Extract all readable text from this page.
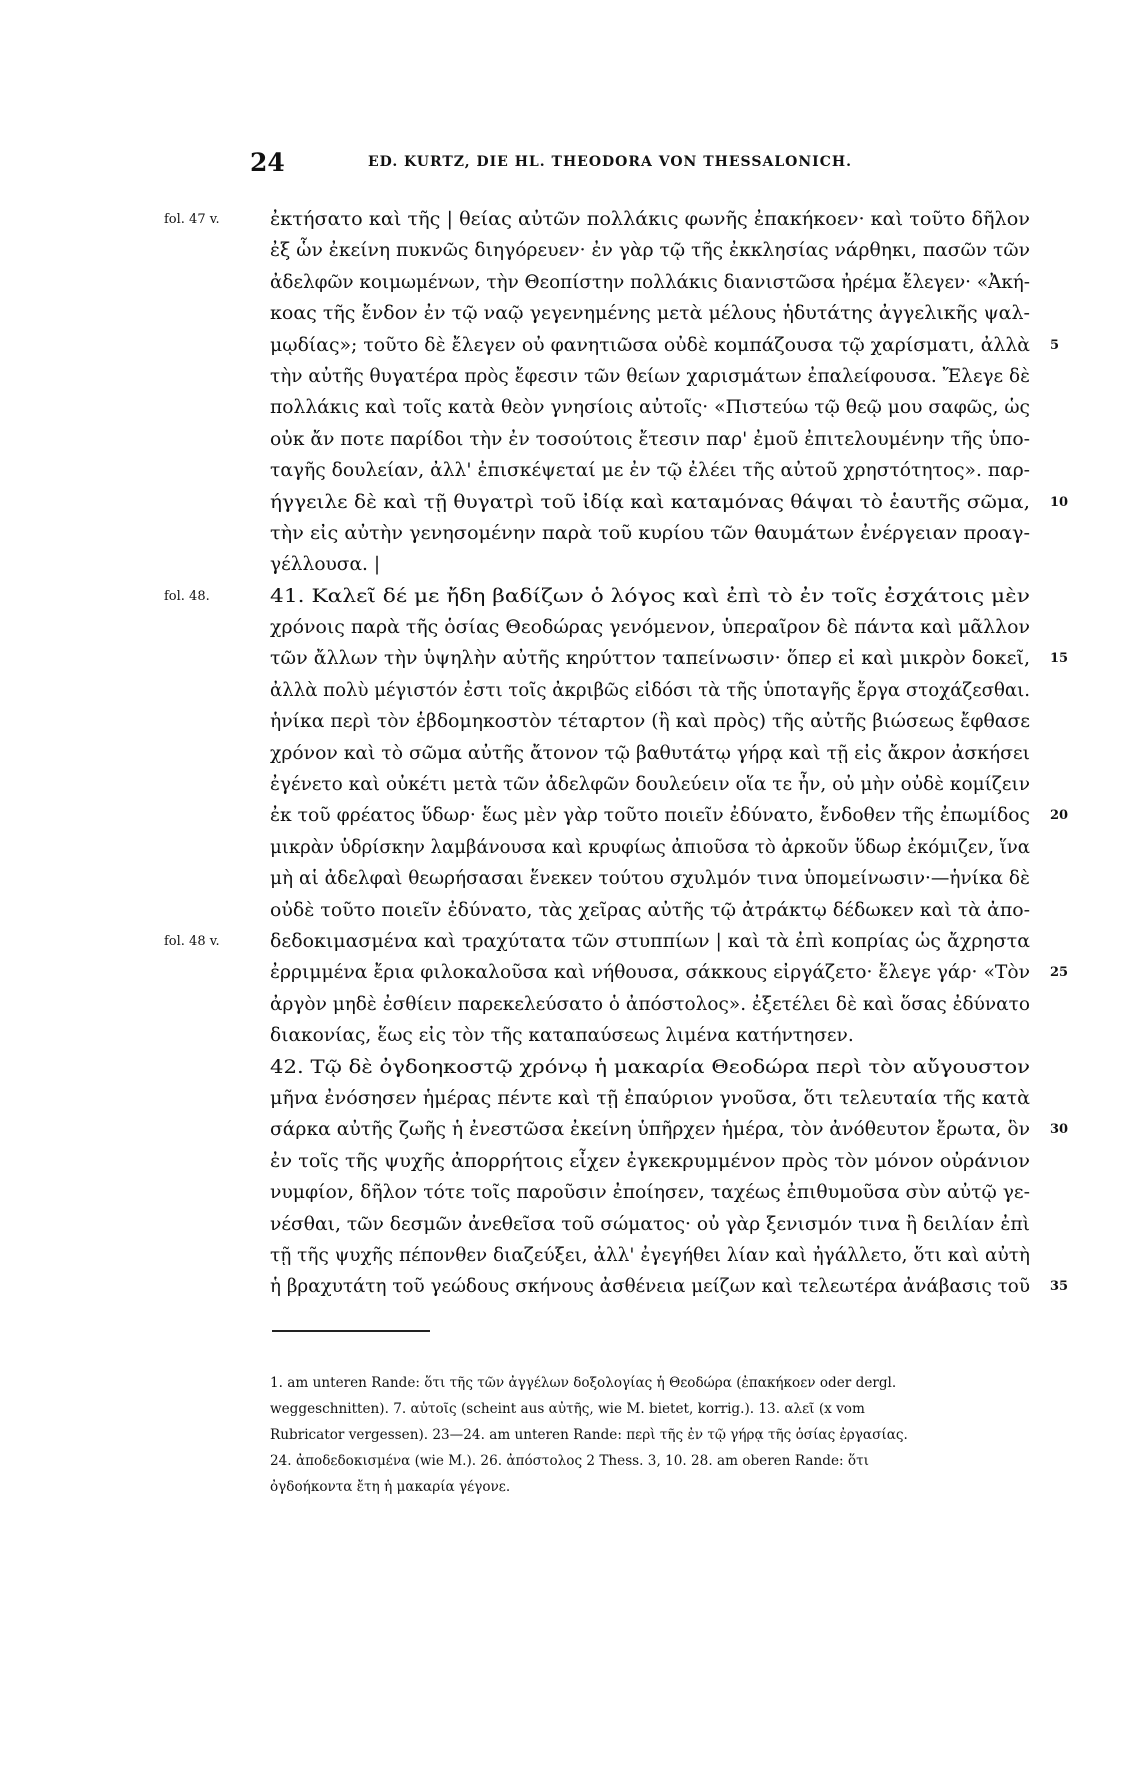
24	ED. KURTZ, DIE HL. THEODORA VON THESSALONICH.
fol. 47 v.	ἐκτήσατο καὶ τῆς | θείας αὐτῶν πολλάκις φωνῆς ἐπακήκοεν· καὶ τοῦτο δῆλον
ἐξ ὧν ἐκείνη πυκνῶς διηγόρευεν· ἐν γὰρ τῷ τῆς ἐκκλησίας νάρθηκι, πασῶν τῶν
ἀδελφῶν κοιμωμένων, τὴν Θεοπίστην πολλάκις διανιστῶσα ἠρέμα ἔλεγεν· «Ἀκή-
κοας τῆς ἔνδον ἐν τῷ ναῷ γεγενημένης μετὰ μέλους ἡδυτάτης ἀγγελικῆς ψαλ-
μῳδίας»; τοῦτο δὲ ἔλεγεν οὐ φανητιῶσα οὐδὲ κομπάζουσα τῷ χαρίσματι, ἀλλὰ 5
τὴν αὐτῆς θυγατέρα πρὸς ἔφεσιν τῶν θείων χαρισμάτων ἐπαλείφουσα. Ἔλεγε δὲ
πολλάκις καὶ τοῖς κατὰ θεὸν γνησίοις αὐτοῖς· «Πιστεύω τῷ θεῷ μου σαφῶς, ὡς
οὐκ ἄν ποτε παρίδοι τὴν ἐν τοσούτοις ἔτεσιν παρ' ἐμοῦ ἐπιτελουμένην τῆς ὑπο-
ταγῆς δουλείαν, ἀλλ' ἐπισκέψεταί με ἐν τῷ ἐλέει τῆς αὐτοῦ χρηστότητος». παρ-
ήγγειλε δὲ καὶ τῇ θυγατρὶ τοῦ ἰδίᾳ καὶ καταμόνας θάψαι τὸ ἑαυτῆς σῶμα, 10
τὴν εἰς αὐτὴν γενησομένην παρὰ τοῦ κυρίου τῶν θαυμάτων ἐνέργειαν προαγ-
γέλλουσα. |
fol. 48.	41. Καλεῖ δέ με ἤδη βαδίζων ὁ λόγος καὶ ἐπὶ τὸ ἐν τοῖς ἐσχάτοις μὲν
χρόνοις παρὰ τῆς ὁσίας Θεοδώρας γενόμενον, ὑπεραῖρον δὲ πάντα καὶ μᾶλλον
τῶν ἄλλων τὴν ὑψηλὴν αὐτῆς κηρύττον ταπείνωσιν· ὅπερ εἰ καὶ μικρὸν δοκεῖ, 15
ἀλλὰ πολὺ μέγιστόν ἐστι τοῖς ἀκριβῶς εἰδόσι τὰ τῆς ὑποταγῆς ἔργα στοχάζεσθαι.
ἡνίκα περὶ τὸν ἑβδομηκοστὸν τέταρτον (ἢ καὶ πρὸς) τῆς αὐτῆς βιώσεως ἔφθασε
χρόνον καὶ τὸ σῶμα αὐτῆς ἄτονον τῷ βαθυτάτῳ γήρᾳ καὶ τῇ εἰς ἄκρον ἀσκήσει
ἐγένετο καὶ οὐκέτι μετὰ τῶν ἀδελφῶν δουλεύειν οἵα τε ἦν, οὐ μὴν οὐδὲ κομίζειν
ἐκ τοῦ φρέατος ὕδωρ· ἕως μὲν γὰρ τοῦτο ποιεῖν ἐδύνατο, ἔνδοθεν τῆς ἐπωμίδος 20
μικρὰν ὑδρίσκην λαμβάνουσα καὶ κρυφίως ἀπιοῦσα τὸ ἀρκοῦν ὕδωρ ἐκόμιζεν, ἵνα
μὴ αἱ ἀδελφαὶ θεωρήσασαι ἕνεκεν τούτου σχυλμόν τινα ὑπομείνωσιν·—ἡνίκα δὲ
οὐδὲ τοῦτο ποιεῖν ἐδύνατο, τὰς χεῖρας αὐτῆς τῷ ἀτράκτῳ δέδωκεν καὶ τὰ ἀπο-
fol. 48 v.	δεδοκιμασμένα καὶ τραχύτατα τῶν στυππίων | καὶ τὰ ἐπὶ κοπρίας ὡς ἄχρηστα
ἐρριμμένα ἔρια φιλοκαλοῦσα καὶ νήθουσα, σάκκους εἰργάζετο· ἔλεγε γάρ· «Τὸν 25
ἀργὸν μηδὲ ἐσθίειν παρεκελεύσατο ὁ ἀπόστολος». ἐξετέλει δὲ καὶ ὅσας ἐδύνατο
διακονίας, ἕως εἰς τὸν τῆς καταπαύσεως λιμένα κατήντησεν.
42. Τῷ δὲ ὀγδοηκοστῷ χρόνῳ ἡ μακαρία Θεοδώρα περὶ τὸν αὔγουστον
μῆνα ἐνόσησεν ἡμέρας πέντε καὶ τῇ ἐπαύριον γνοῦσα, ὅτι τελευταία τῆς κατὰ
σάρκα αὐτῆς ζωῆς ἡ ἐνεστῶσα ἐκείνη ὑπῆρχεν ἡμέρα, τὸν ἀνόθευτον ἔρωτα, ὃν 30
ἐν τοῖς τῆς ψυχῆς ἀπορρήτοις εἶχεν ἐγκεκρυμμένον πρὸς τὸν μόνον οὐράνιον
νυμφίον, δῆλον τότε τοῖς παροῦσιν ἐποίησεν, ταχέως ἐπιθυμοῦσα σὺν αὐτῷ γε-
νέσθαι, τῶν δεσμῶν ἀνεθεῖσα τοῦ σώματος· οὐ γὰρ ξενισμόν τινα ἢ δειλίαν ἐπὶ
τῇ τῆς ψυχῆς πέπονθεν διαζεύξει, ἀλλ' ἐγεγήθει λίαν καὶ ἠγάλλετο, ὅτι καὶ αὐτὴ
ἡ βραχυτάτη τοῦ γεώδους σκήνους ἀσθένεια μείζων καὶ τελεωτέρα ἀνάβασις τοῦ 35
1. am unteren Rande: ὅτι τῆς τῶν ἀγγέλων δοξολογίας ἡ Θεοδώρα (ἐπακήκοεν oder dergl.
weggeschnitten). 7. αὐτοῖς (scheint aus αὐτῆς, wie M. bietet, korrig.). 13. αλεῖ (x vom
Rubricator vergessen). 23—24. am unteren Rande: περὶ τῆς ἐν τῷ γήρᾳ τῆς ὁσίας ἐργασίας.
24. ἀποδεδοκισμένα (wie M.). 26. ἀπόστολος 2 Thess. 3, 10. 28. am oberen Rande: ὅτι
ὀγδοήκοντα ἔτη ἡ μακαρία γέγονε.
